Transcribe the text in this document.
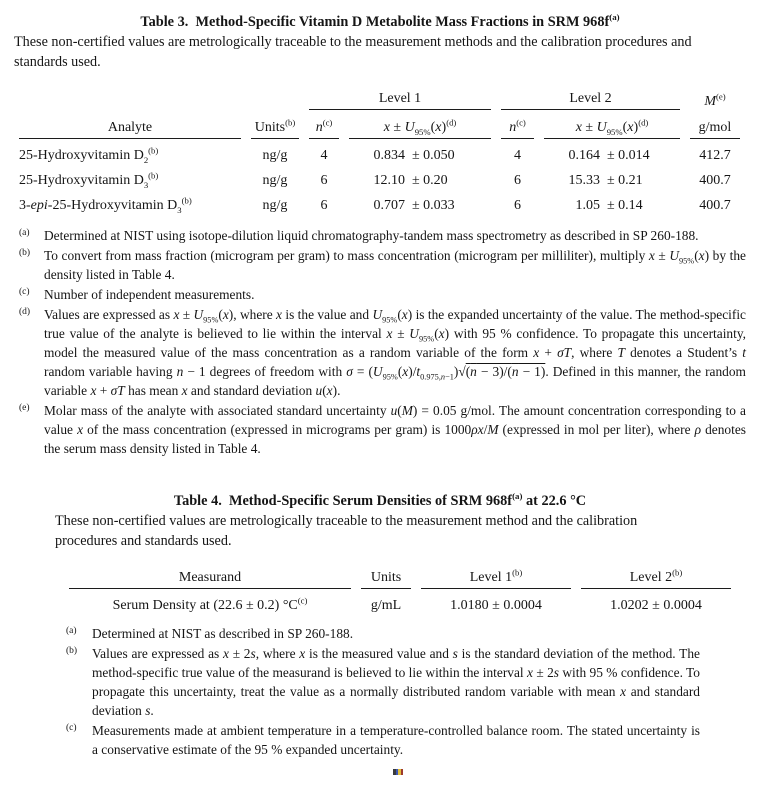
Table 3.  Method-Specific Vitamin D Metabolite Mass Fractions in SRM $968f^{(a)}$
These non-certified values are metrologically traceable to the measurement methods and the calibration procedures and standards used.

		Level 1		Level 2		$M^{(e)}$

Analyte	Units$^{(b)}$	$n^{(c)}$	$x \pm U_{95\%}(x)^{(d)}$	$n^{(c)}$	$x \pm U_{95\%}(x)^{(d)}$	g/mol

25-Hydroxyvitamin $D_2^{(b)}$	ng/g	4	0.834 ± 0.050	4	0.164 ± 0.014	412.7
25-Hydroxyvitamin $D_3^{(b)}$	ng/g	6	12.10 ± 0.20	6	15.33 ± 0.21	400.7
3-epi-25-Hydroxyvitamin $D_3^{(b)}$	ng/g	6	0.707 ± 0.033	6	1.05 ± 0.14	400.7
(a) Determined at NIST using isotope-dilution liquid chromatography-tandem mass spectrometry as described in SP 260-188.
(b) To convert from mass fraction (microgram per gram) to mass concentration (microgram per milliliter), multiply $x \pm U_{95\%}(x)$ by the density listed in Table 4.
(c) Number of independent measurements.
(d) Values are expressed as $x \pm U_{95\%}(x)$, where x is the value and $U_{95\%}(x)$ is the expanded uncertainty of the value. The method-specific true value of the analyte is believed to lie within the interval $x \pm U_{95\%}(x)$ with 95 % confidence. To propagate this uncertainty, model the measured value of the mass concentration as a random variable of the form x + σT, where T denotes a Student’s t random variable having n − 1 degrees of freedom with $\sigma = (U_{95\%}(x)/t_{0.975,n-1})√(n - 3)/(n - 1)$. Defined in this manner, the random variable x + σT has mean x and standard deviation u(x).
(e) Molar mass of the analyte with associated standard uncertainty u(M) = 0.05 g/mol. The amount concentration corresponding to a value x of the mass concentration (expressed in micrograms per gram) is 1000ρx/M (expressed in mol per liter), where ρ denotes the serum mass density listed in Table 4.
Table 4.  Method-Specific Serum Densities of SRM $968f^{(a)}$ at 22.6 °C
These non-certified values are metrologically traceable to the measurement method and the calibration procedures and standards used.
Measurand	Units	Level 1$^{(b)}$	Level 2$^{(b)}$

Serum Density at (22.6 ± 0.2) $^\circ C^{(c)}$	g/mL	1.0180 ± 0.0004	1.0202 ± 0.0004
(a) Determined at NIST as described in SP 260-188.
(b) Values are expressed as x ± 2s, where x is the measured value and s is the standard deviation of the method. The method-specific true value of the measurand is believed to lie within the interval x ± 2s with 95 % confidence. To propagate this uncertainty, treat the value as a normally distributed random variable with mean x and standard deviation s.
(c) Measurements made at ambient temperature in a temperature-controlled balance room. The stated uncertainty is a conservative estimate of the 95 % expanded uncertainty.
